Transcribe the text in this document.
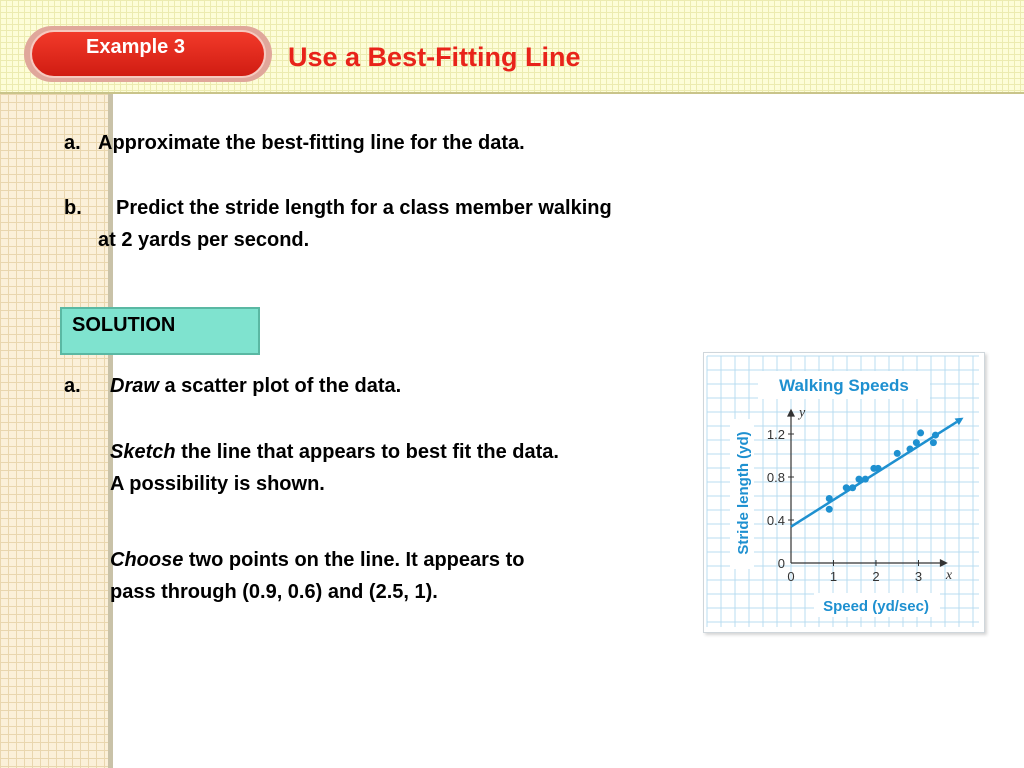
Example 3	Use a Best-Fitting Line
a. Approximate the best-fitting line for the data.
b. Predict the stride length for a class member walking
at 2 yards per second.
SOLUTION
a. Draw a scatter plot of the data.
Sketch the line that appears to best fit the data.
A possibility is shown.
Choose two points on the line. It appears to
pass through (0.9, 0.6) and (2.5, 1).
Walking Speeds
Speed (yd/sec)
Stride length (yd)
x
y
0	1	2	3
0
0.4
0.8
1.2
